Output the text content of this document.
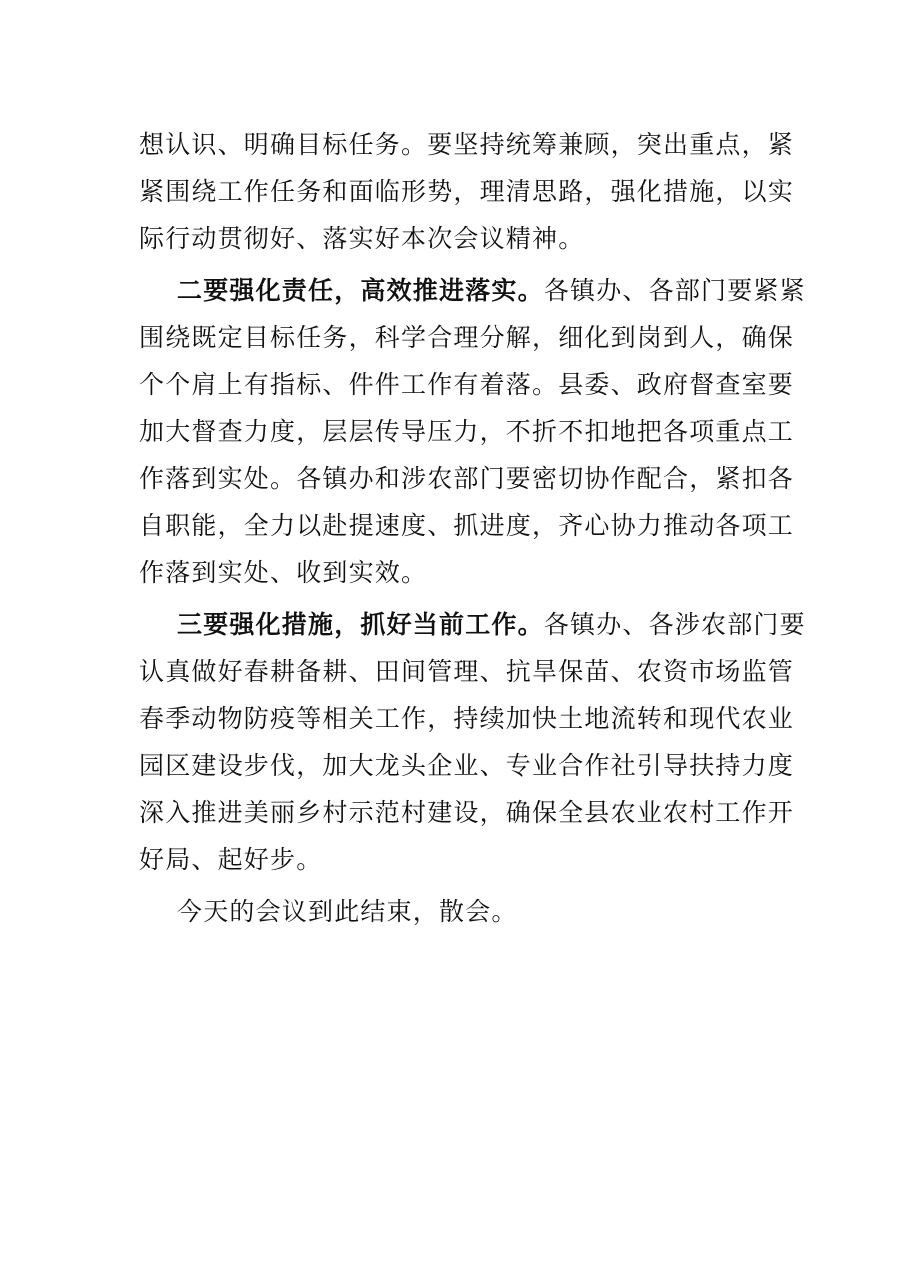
想认识、明确目标任务。要坚持统筹兼顾，突出重点，紧
紧围绕工作任务和面临形势，理清思路，强化措施，以实
际行动贯彻好、落实好本次会议精神。
二要强化责任，高效推进落实。各镇办、各部门要紧紧
围绕既定目标任务，科学合理分解，细化到岗到人，确保
个个肩上有指标、件件工作有着落。县委、政府督查室要
加大督查力度，层层传导压力，不折不扣地把各项重点工
作落到实处。各镇办和涉农部门要密切协作配合，紧扣各
自职能，全力以赴提速度、抓进度，齐心协力推动各项工
作落到实处、收到实效。
三要强化措施，抓好当前工作。各镇办、各涉农部门要
认真做好春耕备耕、田间管理、抗旱保苗、农资市场监管
春季动物防疫等相关工作，持续加快土地流转和现代农业
园区建设步伐，加大龙头企业、专业合作社引导扶持力度
深入推进美丽乡村示范村建设，确保全县农业农村工作开
好局、起好步。
今天的会议到此结束，散会。
